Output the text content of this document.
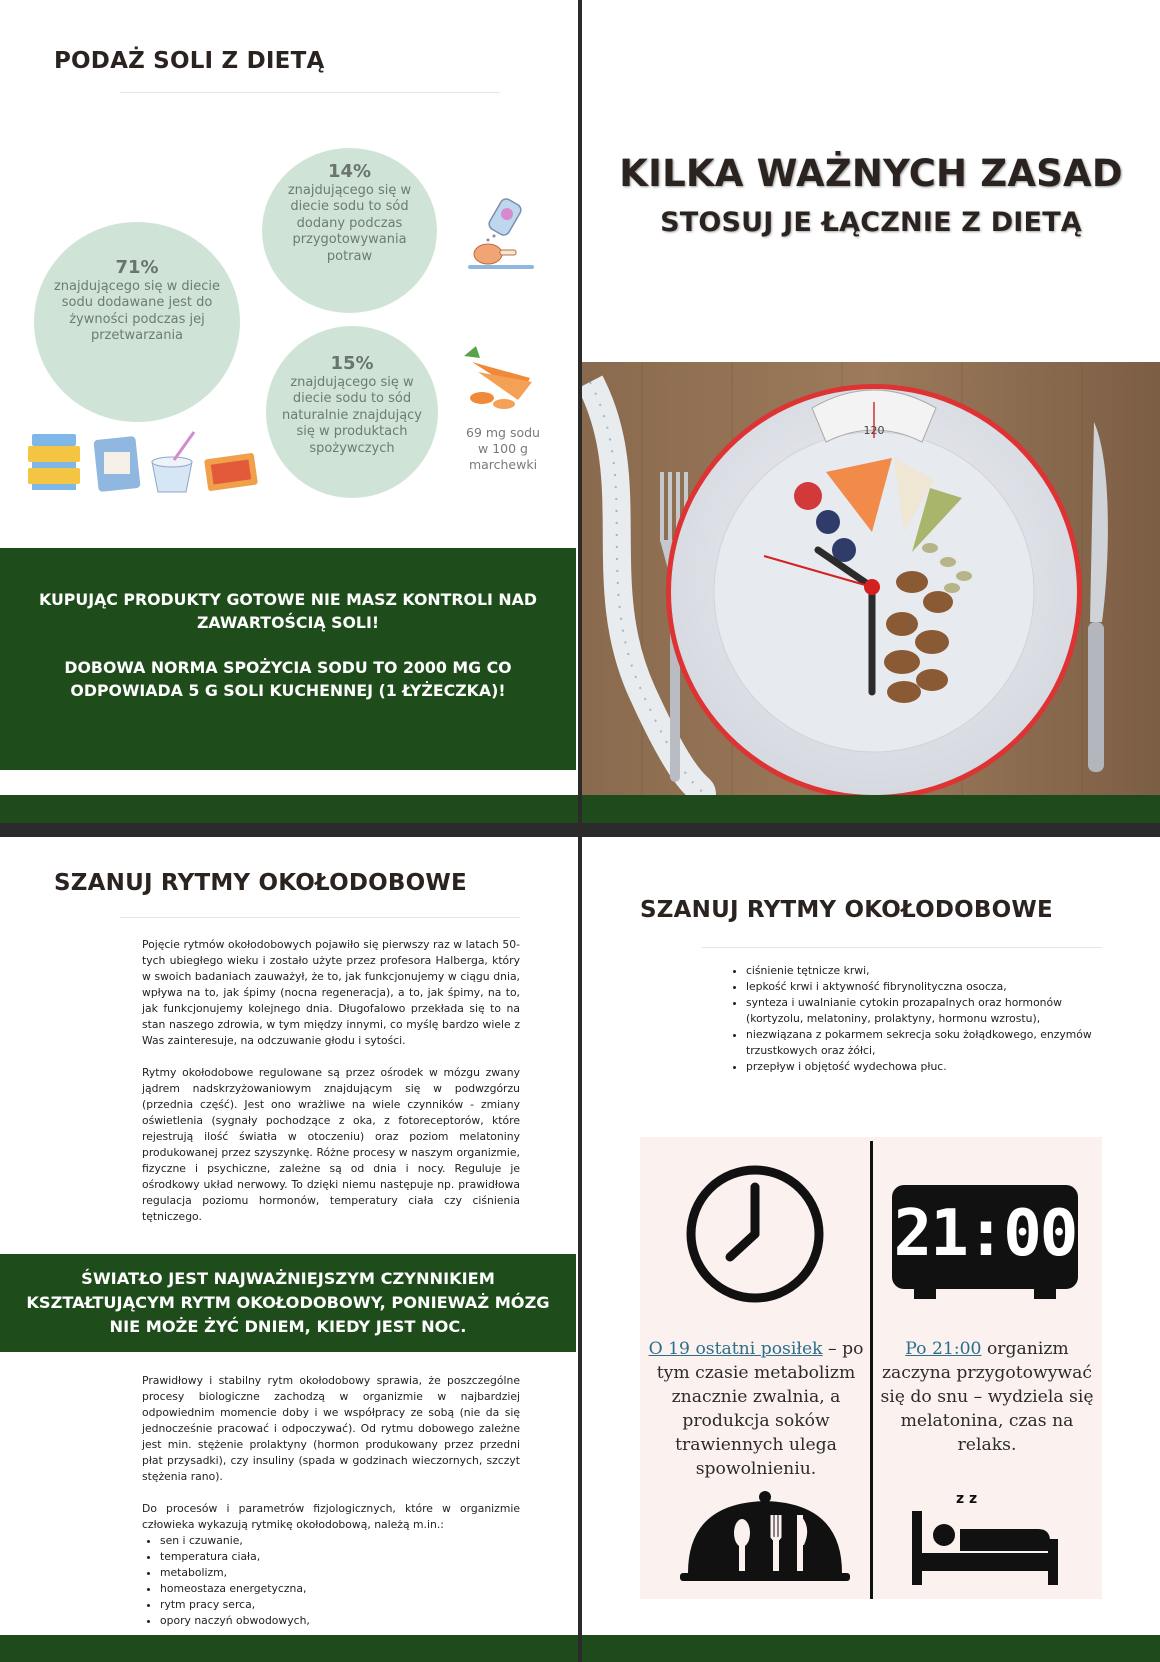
PODAŻ SOLI Z DIETĄ
14%
znajdującego się w diecie sodu to sód dodany podczas przygotowywania potraw
71%
znajdującego się w diecie sodu dodawane jest do żywności podczas jej przetwarzania
15%
znajdującego się w diecie sodu to sód naturalnie znajdujący się w produktach spożywczych
69 mg sodu w 100 g marchewki
KUPUJĄC PRODUKTY GOTOWE NIE MASZ KONTROLI NAD ZAWARTOŚCIĄ SOLI!
DOBOWA NORMA SPOŻYCIA SODU TO 2000 MG CO ODPOWIADA 5 G SOLI KUCHENNEJ (1 ŁYŻECZKA)!
KILKA WAŻNYCH ZASAD
STOSUJ JE ŁĄCZNIE Z DIETĄ
120
SZANUJ RYTMY OKOŁODOBOWE

Pojęcie rytmów okołodobowych pojawiło się pierwszy raz w latach 50-tych ubiegłego wieku i zostało użyte przez profesora Halberga, który w swoich badaniach zauważył, że to, jak funkcjonujemy w ciągu dnia, wpływa na to, jak śpimy (nocna regeneracja), a to, jak śpimy, na to, jak funkcjonujemy kolejnego dnia. Długofalowo przekłada się to na stan naszego zdrowia, w tym między innymi, co myślę bardzo wiele z Was zainteresuje, na odczuwanie głodu i sytości.

Rytmy okołodobowe regulowane są przez ośrodek w mózgu zwany jądrem nadskrzyżowaniowym znajdującym się w podwzgórzu (przednia część). Jest ono wrażliwe na wiele czynników - zmiany oświetlenia (sygnały pochodzące z oka, z fotoreceptorów, które rejestrują ilość światła w otoczeniu) oraz poziom melatoniny produkowanej przez szyszynkę. Różne procesy w naszym organizmie, fizyczne i psychiczne, zależne są od dnia i nocy. Reguluje je ośrodkowy układ nerwowy. To dzięki niemu następuje np. prawidłowa regulacja poziomu hormonów, temperatury ciała czy ciśnienia tętniczego.

ŚWIATŁO JEST NAJWAŻNIEJSZYM CZYNNIKIEM KSZTAŁTUJĄCYM RYTM OKOŁODOBOWY, PONIEWAŻ MÓZG NIE MOŻE ŻYĆ DNIEM, KIEDY JEST NOC.

Prawidłowy i stabilny rytm okołodobowy sprawia, że poszczególne procesy biologiczne zachodzą w organizmie w najbardziej odpowiednim momencie doby i we współpracy ze sobą (nie da się jednocześnie pracować i odpoczywać). Od rytmu dobowego zależne jest min. stężenie prolaktyny (hormon produkowany przez przedni płat przysadki), czy insuliny (spada w godzinach wieczornych, szczyt stężenia rano).

Do procesów i parametrów fizjologicznych, które w organizmie człowieka wykazują rytmikę okołodobową, należą m.in.:

• sen i czuwanie,
• temperatura ciała,
• metabolizm,
• homeostaza energetyczna,
• rytm pracy serca,
• opory naczyń obwodowych,
SZANUJ RYTMY OKOŁODOBOWE
• ciśnienie tętnicze krwi,
• lepkość krwi i aktywność fibrynolityczna osocza,
• synteza i uwalnianie cytokin prozapalnych oraz hormonów (kortyzolu, melatoniny, prolaktyny, hormonu wzrostu),
• niezwiązana z pokarmem sekrecja soku żołądkowego, enzymów trzustkowych oraz żółci,
• przepływ i objętość wydechowa płuc.
21:00
O 19 ostatni posiłek – po tym czasie metabolizm znacznie zwalnia, a produkcja soków trawiennych ulega spowolnieniu.
Po 21:00 organizm zaczyna przygotowywać się do snu – wydziela się melatonina, czas na relaks.
z z
